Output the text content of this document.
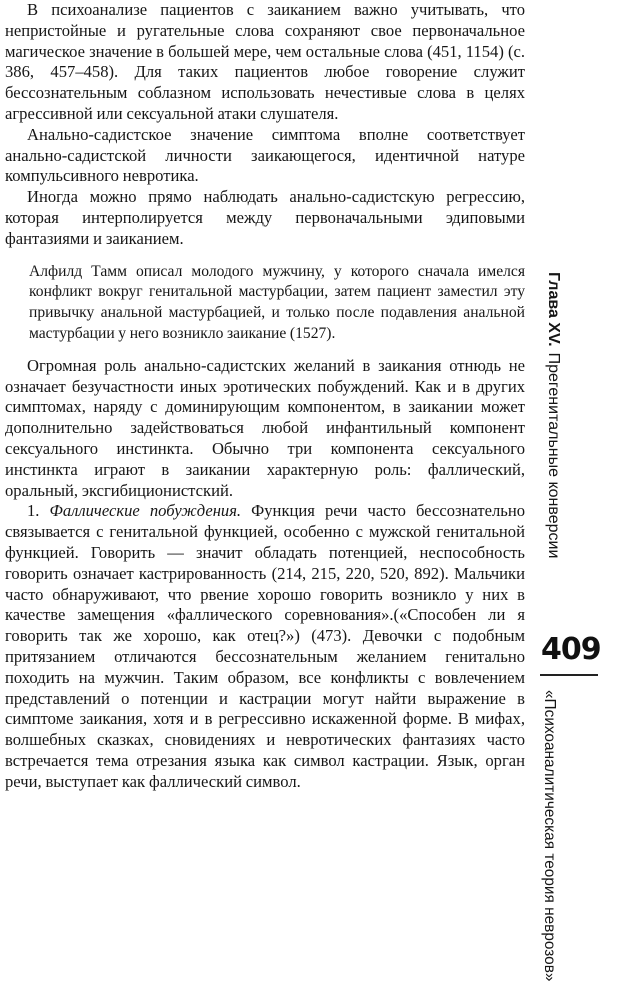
В психоанализе пациентов с заиканием важно учитывать, что непристойные и ругательные слова сохраняют свое первоначальное магическое значение в большей мере, чем остальные слова (451, 1154) (с. 386, 457–458). Для таких пациентов любое говорение служит бессознательным соблазном использовать нечестивые слова в целях агрессивной или сексуальной атаки слушателя.

Анально-садистское значение симптома вполне соответствует анально-садистской личности заикающегося, идентичной натуре компульсивного невротика.

Иногда можно прямо наблюдать анально-садистскую регрессию, которая интерполируется между первоначальными эдиповыми фантазиями и заиканием.

Алфилд Тамм описал молодого мужчину, у которого сначала имелся конфликт вокруг генитальной мастурбации, затем пациент заместил эту привычку анальной мастурбацией, и только после подавления анальной мастурбации у него возникло заикание (1527).

Огромная роль анально-садистских желаний в заикания отнюдь не означает безучастности иных эротических побуждений. Как и в других симптомах, наряду с доминирующим компонентом, в заикании может дополнительно задействоваться любой инфантильный компонент сексуального инстинкта. Обычно три компонента сексуального инстинкта играют в заикании характерную роль: фаллический, оральный, эксгибиционистский.

1. Фаллические побуждения. Функция речи часто бессознательно связывается с генитальной функцией, особенно с мужской генитальной функцией. Говорить — значит обладать потенцией, неспособность говорить означает кастрированность (214, 215, 220, 520, 892). Мальчики часто обнаруживают, что рвение хорошо говорить возникло у них в качестве замещения «фаллического соревнования».(«Способен ли я говорить так же хорошо, как отец?») (473). Девочки с подобным притязанием отличаются бессознательным желанием генитально походить на мужчин. Таким образом, все конфликты с вовлечением представлений о потенции и кастрации могут найти выражение в симптоме заикания, хотя и в регрессивно искаженной форме. В мифах, волшебных сказках, сновидениях и невротических фантазиях часто встречается тема отрезания языка как символ кастрации. Язык, орган речи, выступает как фаллический символ.

Глава XV.Прегенитальные конверсии
409
«Психоаналитическая теория неврозов»
